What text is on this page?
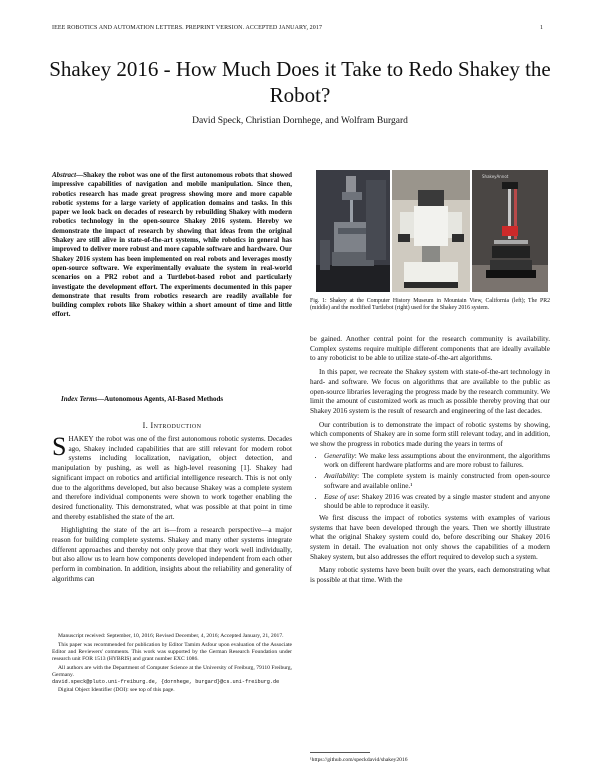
IEEE ROBOTICS AND AUTOMATION LETTERS. PREPRINT VERSION. ACCEPTED JANUARY, 2017	1
Shakey 2016 - How Much Does it Take to Redo Shakey the Robot?
David Speck, Christian Dornhege, and Wolfram Burgard
Abstract—Shakey the robot was one of the first autonomous robots that showed impressive capabilities of navigation and mobile manipulation. Since then, robotics research has made great progress showing more and more capable robotic systems for a large variety of application domains and tasks. In this paper we look back on decades of research by rebuilding Shakey with modern robotics technology in the open-source Shakey 2016 system. Hereby we demonstrate the impact of research by showing that ideas from the original Shakey are still alive in state-of-the-art systems, while robotics in general has improved to deliver more robust and more capable software and hardware. Our Shakey 2016 system has been implemented on real robots and leverages mostly open-source software. We experimentally evaluate the system in real-world scenarios on a PR2 robot and a Turtlebot-based robot and particularly investigate the development effort. The experiments documented in this paper demonstrate that results from robotics research are readily available for building complex robots like Shakey within a short amount of time and little effort.
Index Terms—Autonomous Agents, AI-Based Methods
I. Introduction

SHAKEY the robot was one of the first autonomous robotic systems. Decades ago, Shakey included capabilities that are still relevant for modern robot systems including localization, navigation, object detection, and manipulation by pushing, as well as high-level reasoning [1]. Shakey had significant impact on robotics and artificial intelligence research. This is not only due to the algorithms developed, but also because Shakey was a complete system and therefore individual components were shown to work together enabling the desired functionality. This demonstrated, what was possible at that point in time and thereby established the state of the art.

Highlighting the state of the art is—from a research perspective—a major reason for building complete systems. Shakey and many other systems integrate different approaches and thereby not only prove that they work well individually, but also allow us to learn how components developed independent from each other perform in combination. In addition, insights about the reliability and generality of algorithms can

Manuscript received: September, 10, 2016; Revised December, 4, 2016; Accepted January, 21, 2017.

This paper was recommended for publication by Editor Tamim Asfour upon evaluation of the Associate Editor and Reviewers' comments. This work was supported by the German Research Foundation under research unit FOR 1513 (HYBRIS) and grant number EXC 1086.

All authors are with the Department of Computer Science at the University of Freiburg, 79110 Freiburg, Germany.

david.speck@pluto.uni-freiburg.de, {dornhege, burgard}@cs.uni-freiburg.de

Digital Object Identifier (DOI): see top of this page.

ShakeyAnnot
Fig. 1: Shakey at the Computer History Museum in Mountain View, California (left); The PR2 (middle) and the modified Turtlebot (right) used for the Shakey 2016 system.

be gained. Another central point for the research community is availability. Complex systems require multiple different components that are ideally available to any roboticist to be able to utilize state-of-the-art algorithms.

In this paper, we recreate the Shakey system with state-of-the-art technology in hard- and software. We focus on algorithms that are available to the public as open-source libraries leveraging the progress made by the research community. We limit the amount of customized work as much as possible thereby proving that our Shakey 2016 system is the result of research and engineering of the last decades.

Our contribution is to demonstrate the impact of robotic systems by showing, which components of Shakey are in some form still relevant today, and in addition, we show the progress in robotics made during the years in terms of

• Generality: We make less assumptions about the environment, the algorithms work on different hardware platforms and are more robust to failures.
• Availability: The complete system is mainly constructed from open-source software and available online.¹
• Ease of use: Shakey 2016 was created by a single master student and anyone should be able to reproduce it easily.

We first discuss the impact of robotics systems with examples of various systems that have been developed through the years. Then we shortly illustrate what the original Shakey system could do, before describing our Shakey 2016 system in detail. The evaluation not only shows the capabilities of a modern Shakey system, but also addresses the effort required to develop such a system.

Many robotic systems have been built over the years, each demonstrating what is possible at that time. With the

¹https://github.com/speckdavid/shakey2016
